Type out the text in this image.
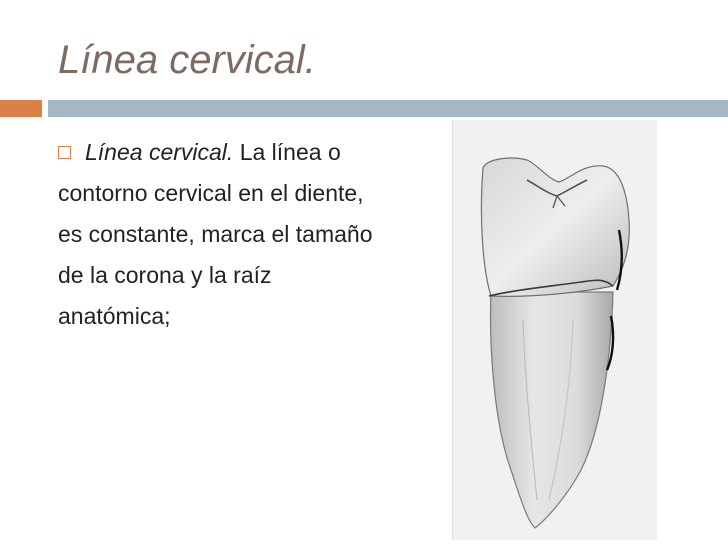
Línea cervical.
Línea cervical. La línea o
contorno cervical en el diente,
es constante, marca el tamaño
de la corona y la raíz
anatómica;
